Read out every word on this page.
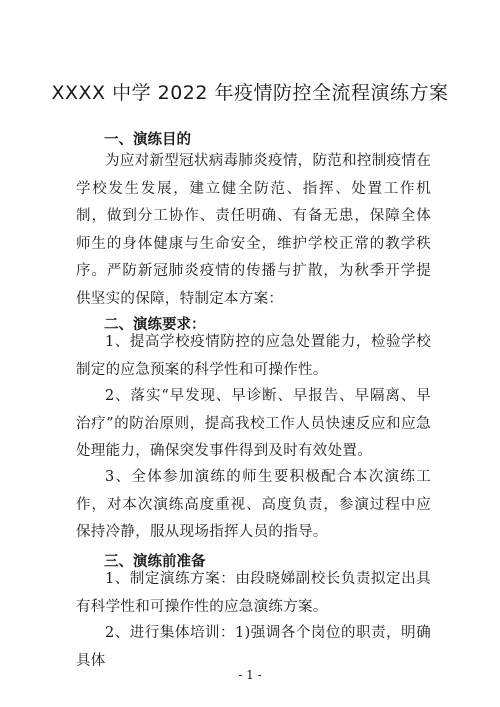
XXXX 中学 2022 年疫情防控全流程演练方案
一、演练目的
为应对新型冠状病毒肺炎疫情，防范和控制疫情在学校发生发展，建立健全防范、指挥、处置工作机制，做到分工协作、责任明确、有备无患，保障全体师生的身体健康与生命安全，维护学校正常的教学秩序。严防新冠肺炎疫情的传播与扩散，为秋季开学提供坚实的保障，特制定本方案：
二、演练要求：
1、提高学校疫情防控的应急处置能力，检验学校制定的应急预案的科学性和可操作性。
2、落实“早发现、早诊断、早报告、早隔离、早治疗”的防治原则，提高我校工作人员快速反应和应急处理能力，确保突发事件得到及时有效处置。
3、全体参加演练的师生要积极配合本次演练工作，对本次演练高度重视、高度负责，参演过程中应保持冷静，服从现场指挥人员的指导。
三、演练前准备
1、制定演练方案：由段晓娣副校长负责拟定出具有科学性和可操作性的应急演练方案。
2、进行集体培训：1)强调各个岗位的职责，明确具体
- 1 -
